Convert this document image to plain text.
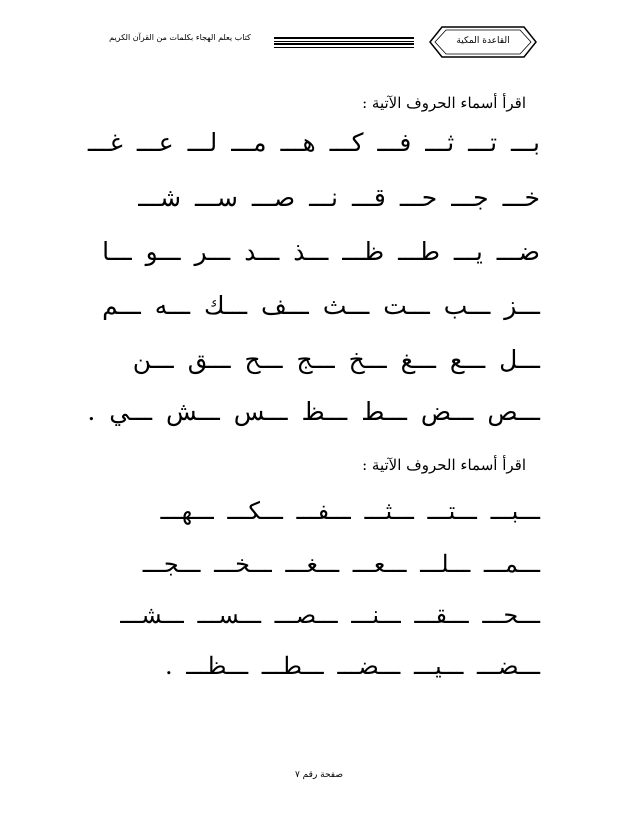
كتاب يعلم الهجاء بكلمات من القرآن الكريم	القاعدة المكية
اقرأ أسماء الحروف الآتية :
بـــ تـــ ثـــ فـــ كـــ هـــ مـــ لـــ عـــ غـــ
خـــ جـــ حـــ قـــ نـــ صـــ ســـ شـــ
ضـــ يـــ طـــ ظـــ ـــذ ـــد ـــر ـــو ـــا
ـــز ـــب ـــت ـــث ـــف ـــك ـــه ـــم
ـــل ـــع ـــغ ـــخ ـــج ـــح ـــق ـــن
ـــص ـــض ـــط ـــظ ـــس ـــش ـــي .
اقرأ أسماء الحروف الآتية :
ـــبـــ ـــتـــ ـــثـــ ـــفـــ ـــكـــ ـــهـــ
ـــمـــ ـــلـــ ـــعـــ ـــغـــ ـــخـــ ـــجـــ
ـــحـــ ـــقـــ ـــنـــ ـــصـــ ـــســـ ـــشـــ
ـــضـــ ـــيـــ ـــضـــ ـــطـــ ـــظـــ .
صفحة رقم ٧
